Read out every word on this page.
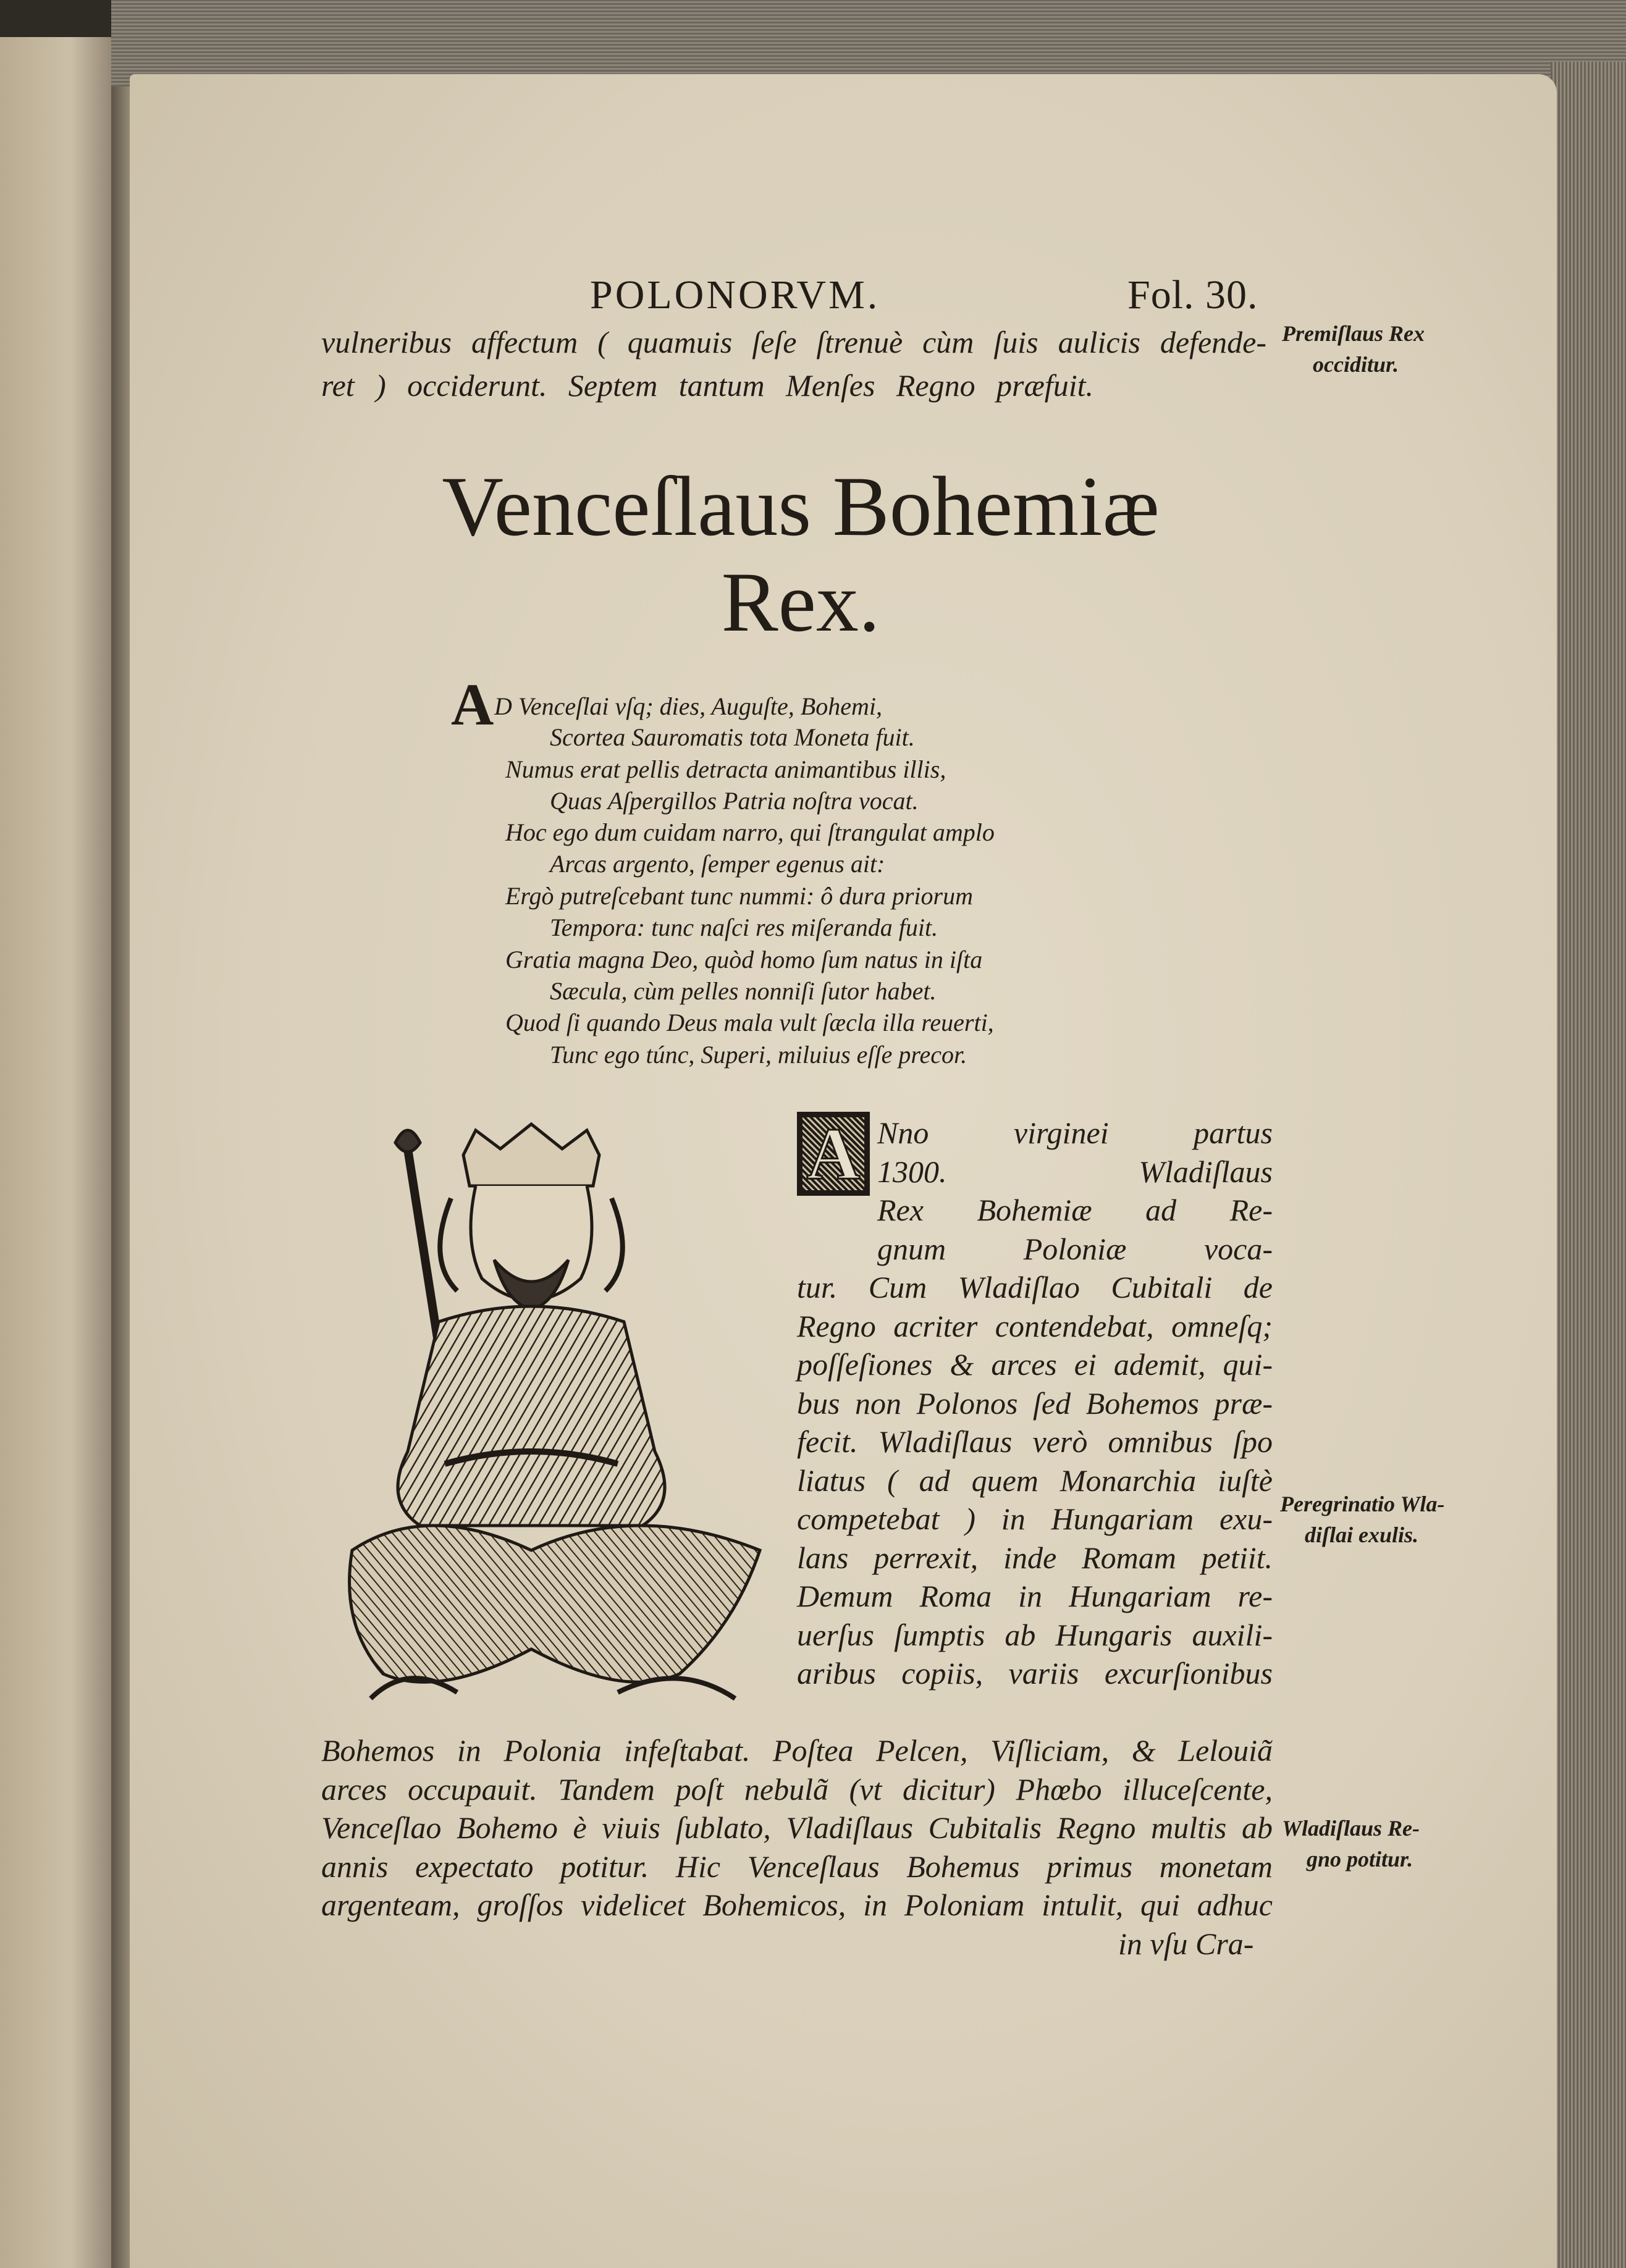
POLONORVM.	Fol. 30.
vulneribus affectum ( quamuis ſeſe ſtrenuè cùm ſuis aulicis defende-
ret ) occiderunt. Septem tantum Menſes Regno præfuit.
Premiſlaus Rex
occiditur.
Venceſlaus Bohemiæ
Rex.
A D Venceſlai vſq; dies, Auguſte, Bohemi,
Scortea Sauromatis tota Moneta fuit.
Numus erat pellis detracta animantibus illis,
Quas Aſpergillos Patria noſtra vocat.
Hoc ego dum cuidam narro, qui ſtrangulat amplo
Arcas argento, ſemper egenus ait:
Ergò putreſcebant tunc nummi: ô dura priorum
Tempora: tunc naſci res miſeranda fuit.
Gratia magna Deo, quòd homo ſum natus in iſta
Sæcula, cùm pelles nonniſi ſutor habet.
Quod ſi quando Deus mala vult ſæcla illa reuerti,
Tunc ego túnc, Superi, miluius eſſe precor.
A Nno virginei partus
1300. Wladiſlaus
Rex Bohemiæ ad Re-
gnum Poloniæ voca-
tur. Cum Wladiſlao Cubitali de
Regno acriter contendebat, omneſq;
poſſeſiones & arces ei ademit, qui-
bus non Polonos ſed Bohemos præ-
fecit. Wladiſlaus verò omnibus ſpo
liatus ( ad quem Monarchia iuſtè
competebat ) in Hungariam exu-
lans perrexit, inde Romam petiit.
Demum Roma in Hungariam re-
uerſus ſumptis ab Hungaris auxili-
aribus copiis, variis excurſionibus
Peregrinatio Wla-
diſlai exulis.
Bohemos in Polonia infeſtabat. Poſtea Pelcen, Viſliciam, & Lelouiã
arces occupauit. Tandem poſt nebulã (vt dicitur) Phœbo illuceſcente,
Venceſlao Bohemo è viuis ſublato, Vladiſlaus Cubitalis Regno multis ab
annis expectato potitur. Hic Venceſlaus Bohemus primus monetam
argenteam, groſſos videlicet Bohemicos, in Poloniam intulit, qui adhuc
in vſu Cra-
Wladiſlaus Re-
gno potitur.
